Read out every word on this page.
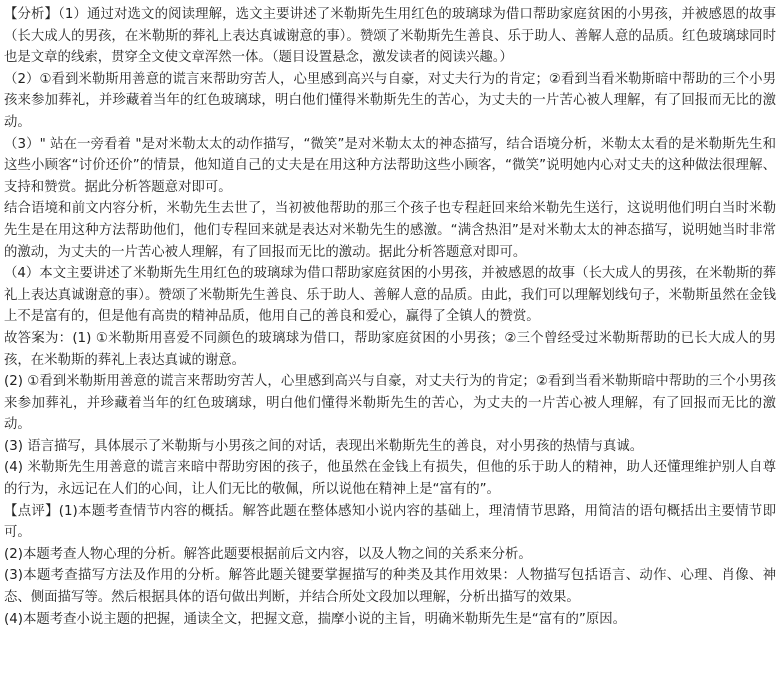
【分析】（1）通过对选文的阅读理解，选文主要讲述了米勒斯先生用红色的玻璃球为借口帮助家庭贫困的小男孩，并被感恩的故事（长大成人的男孩，在米勒斯的葬礼上表达真诚谢意的事）。赞颂了米勒斯先生善良、乐于助人、善解人意的品质。红色玻璃球同时也是文章的线索，贯穿全文使文章浑然一体。（题目设置悬念，激发读者的阅读兴趣。）

（2）①看到米勒斯用善意的谎言来帮助穷苦人，心里感到高兴与自豪，对丈夫行为的肯定；②看到当看米勒斯暗中帮助的三个小男孩来参加葬礼，并珍藏着当年的红色玻璃球，明白他们懂得米勒斯先生的苦心，为丈夫的一片苦心被人理解，有了回报而无比的激动。

（3）" 站在一旁看着 "是对米勒太太的动作描写，“微笑”是对米勒太太的神态描写，结合语境分析，米勒太太看的是米勒斯先生和这些小顾客“讨价还价”的情景，他知道自己的丈夫是在用这种方法帮助这些小顾客，“微笑”说明她内心对丈夫的这种做法很理解、支持和赞赏。据此分析答题意对即可。

结合语境和前文内容分析，米勒先生去世了，当初被他帮助的那三个孩子也专程赶回来给米勒先生送行，这说明他们明白当时米勒先生是在用这种方法帮助他们，他们专程回来就是表达对米勒先生的感激。“满含热泪”是对米勒太太的神态描写，说明她当时非常的激动，为丈夫的一片苦心被人理解，有了回报而无比的激动。据此分析答题意对即可。

（4）本文主要讲述了米勒斯先生用红色的玻璃球为借口帮助家庭贫困的小男孩，并被感恩的故事（长大成人的男孩，在米勒斯的葬礼上表达真诚谢意的事）。赞颂了米勒斯先生善良、乐于助人、善解人意的品质。由此，我们可以理解划线句子，米勒斯虽然在金钱上不是富有的，但是他有高贵的精神品质，他用自己的善良和爱心，赢得了全镇人的赞赏。

故答案为：(1) ①米勒斯用喜爱不同颜色的玻璃球为借口，帮助家庭贫困的小男孩；②三个曾经受过米勒斯帮助的已长大成人的男孩，在米勒斯的葬礼上表达真诚的谢意。

(2) ①看到米勒斯用善意的谎言来帮助穷苦人，心里感到高兴与自豪，对丈夫行为的肯定；②看到当看米勒斯暗中帮助的三个小男孩来参加葬礼，并珍藏着当年的红色玻璃球，明白他们懂得米勒斯先生的苦心，为丈夫的一片苦心被人理解，有了回报而无比的激动。

(3) 语言描写，具体展示了米勒斯与小男孩之间的对话，表现出米勒斯先生的善良，对小男孩的热情与真诚。

(4) 米勒斯先生用善意的谎言来暗中帮助穷困的孩子，他虽然在金钱上有损失，但他的乐于助人的精神，助人还懂理维护别人自尊的行为，永远记在人们的心间，让人们无比的敬佩，所以说他在精神上是“富有的”。

【点评】(1)本题考查情节内容的概括。解答此题在整体感知小说内容的基础上，理清情节思路，用简洁的语句概括出主要情节即可。

(2)本题考查人物心理的分析。解答此题要根据前后文内容，以及人物之间的关系来分析。

(3)本题考查描写方法及作用的分析。解答此题关键要掌握描写的种类及其作用效果：人物描写包括语言、动作、心理、肖像、神态、侧面描写等。然后根据具体的语句做出判断，并结合所处文段加以理解，分析出描写的效果。

(4)本题考查小说主题的把握，通读全文，把握文意，揣摩小说的主旨，明确米勒斯先生是“富有的”原因。
